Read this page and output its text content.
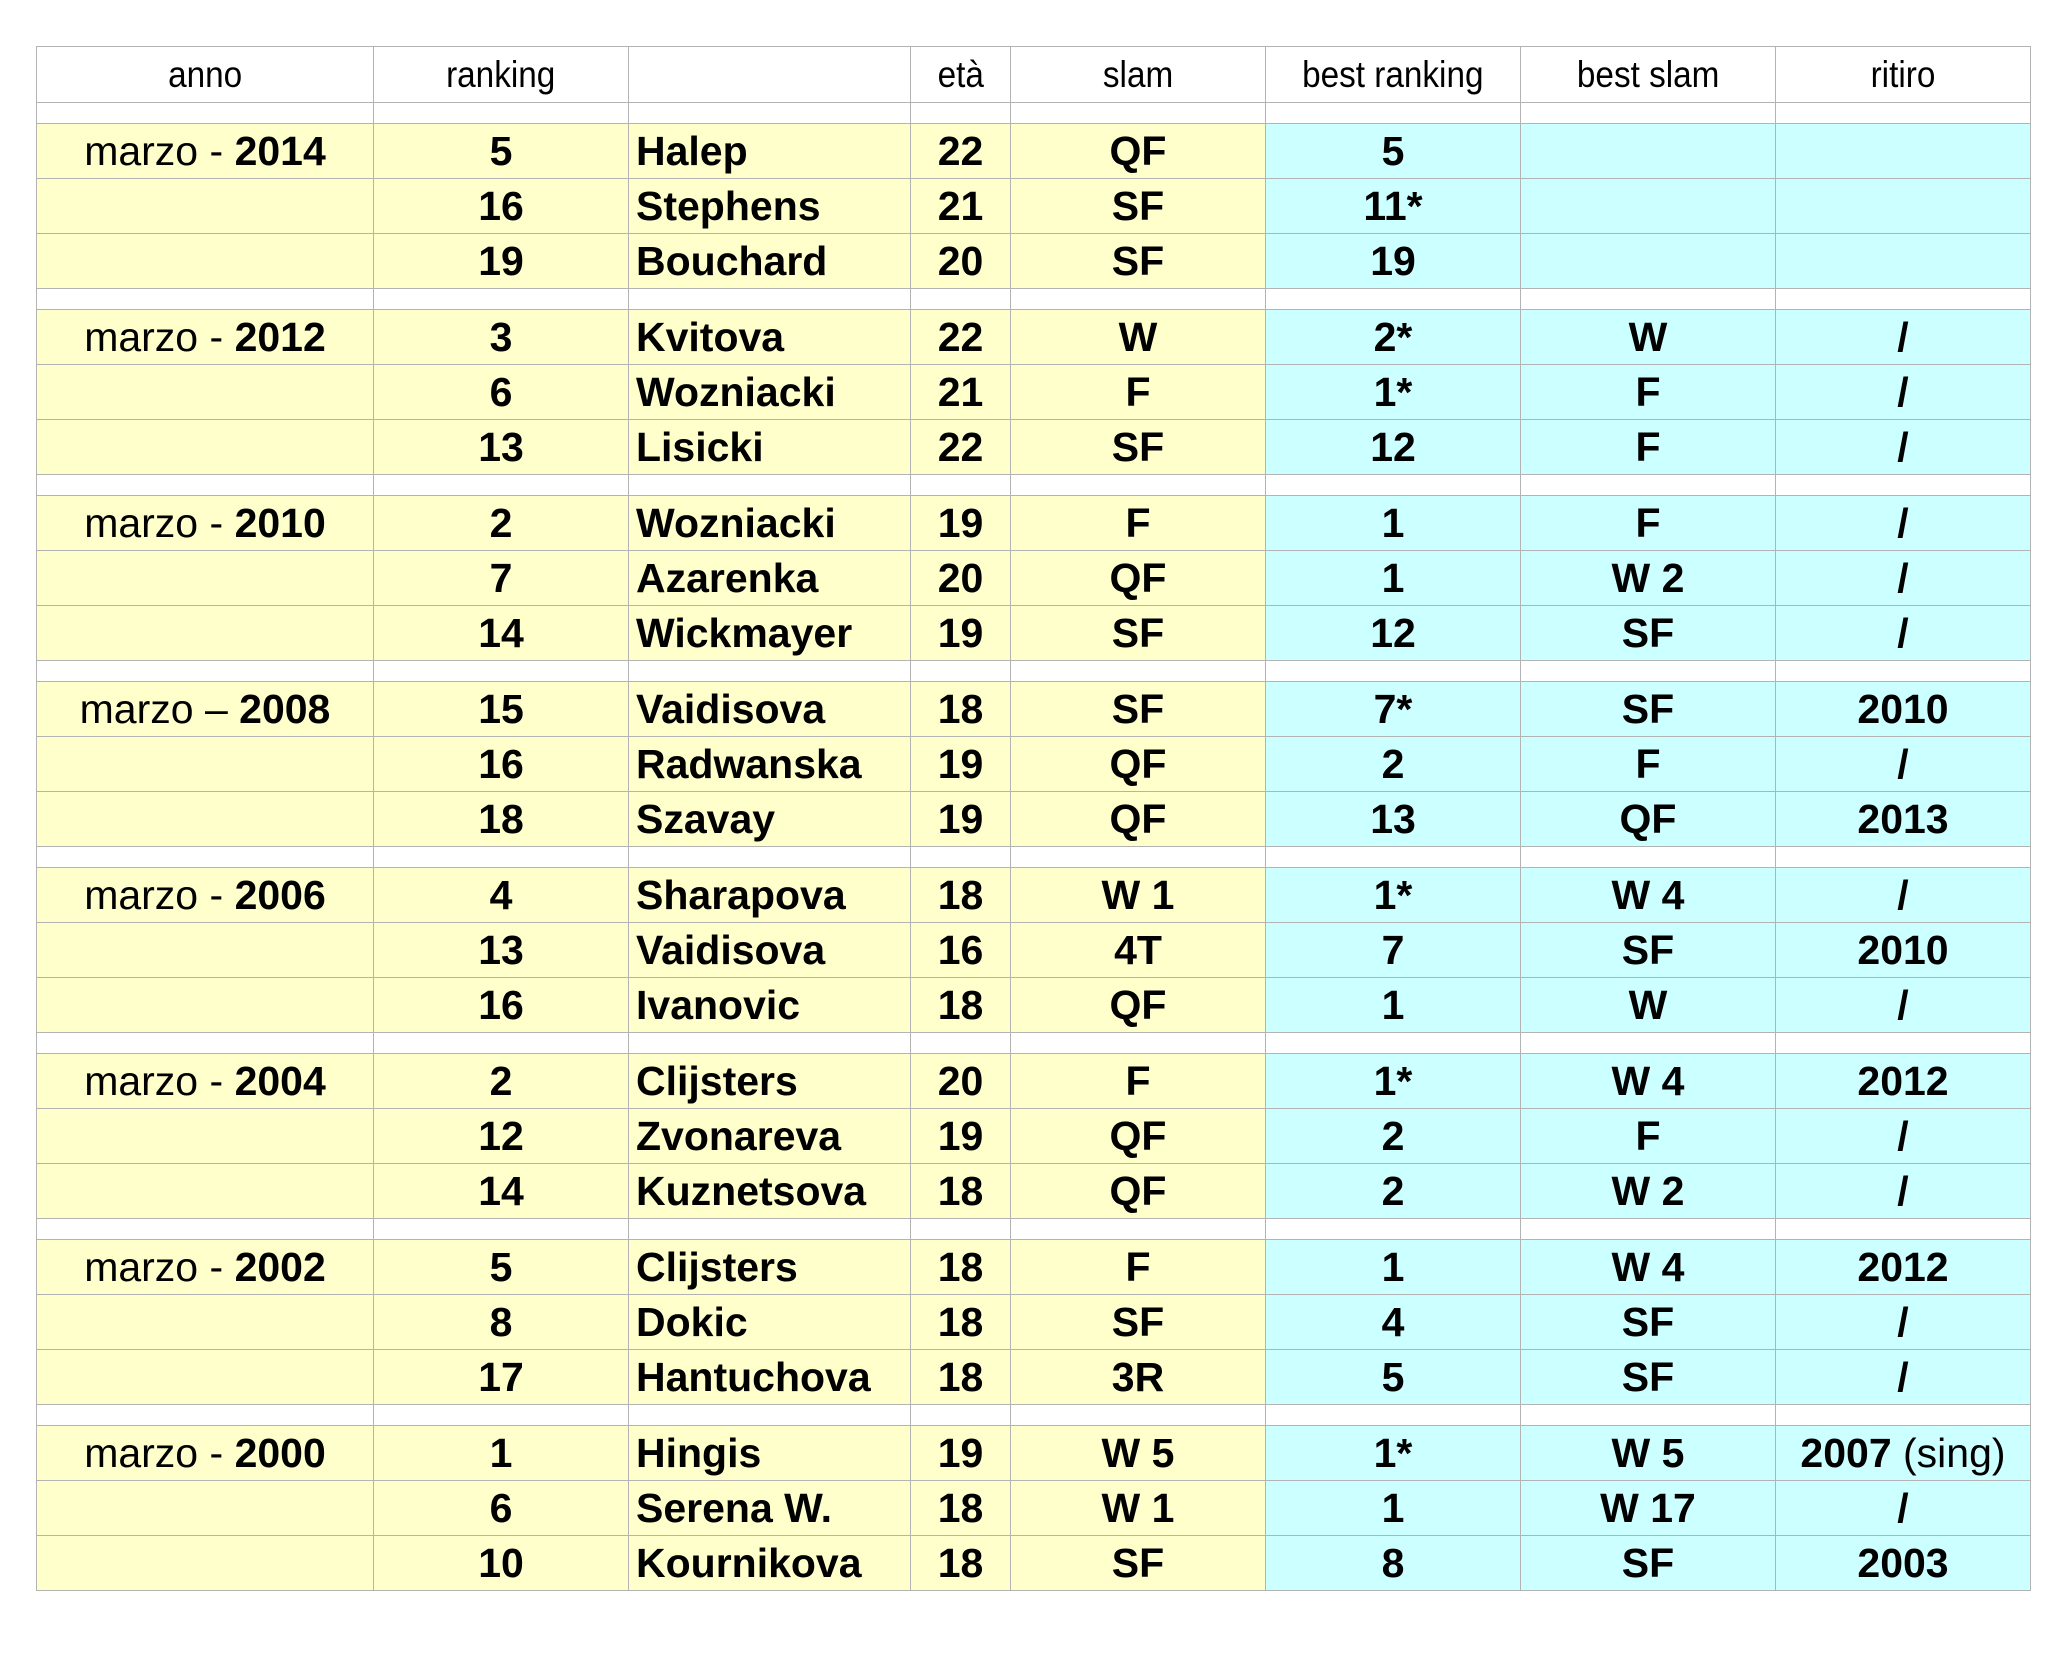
anno	ranking		età	slam	best ranking	best slam	ritiro

marzo - 2014	5	Halep	22	QF	5		
	16	Stephens	21	SF	11*		
	19	Bouchard	20	SF	19		

marzo - 2012	3	Kvitova	22	W	2*	W	/
	6	Wozniacki	21	F	1*	F	/
	13	Lisicki	22	SF	12	F	/

marzo - 2010	2	Wozniacki	19	F	1	F	/
	7	Azarenka	20	QF	1	W 2	/
	14	Wickmayer	19	SF	12	SF	/

marzo – 2008	15	Vaidisova	18	SF	7*	SF	2010
	16	Radwanska	19	QF	2	F	/
	18	Szavay	19	QF	13	QF	2013

marzo - 2006	4	Sharapova	18	W 1	1*	W 4	/
	13	Vaidisova	16	4T	7	SF	2010
	16	Ivanovic	18	QF	1	W	/

marzo - 2004	2	Clijsters	20	F	1*	W 4	2012
	12	Zvonareva	19	QF	2	F	/
	14	Kuznetsova	18	QF	2	W 2	/

marzo - 2002	5	Clijsters	18	F	1	W 4	2012
	8	Dokic	18	SF	4	SF	/
	17	Hantuchova	18	3R	5	SF	/

marzo - 2000	1	Hingis	19	W 5	1*	W 5	2007 (sing)
	6	Serena W.	18	W 1	1	W 17	/
	10	Kournikova	18	SF	8	SF	2003
